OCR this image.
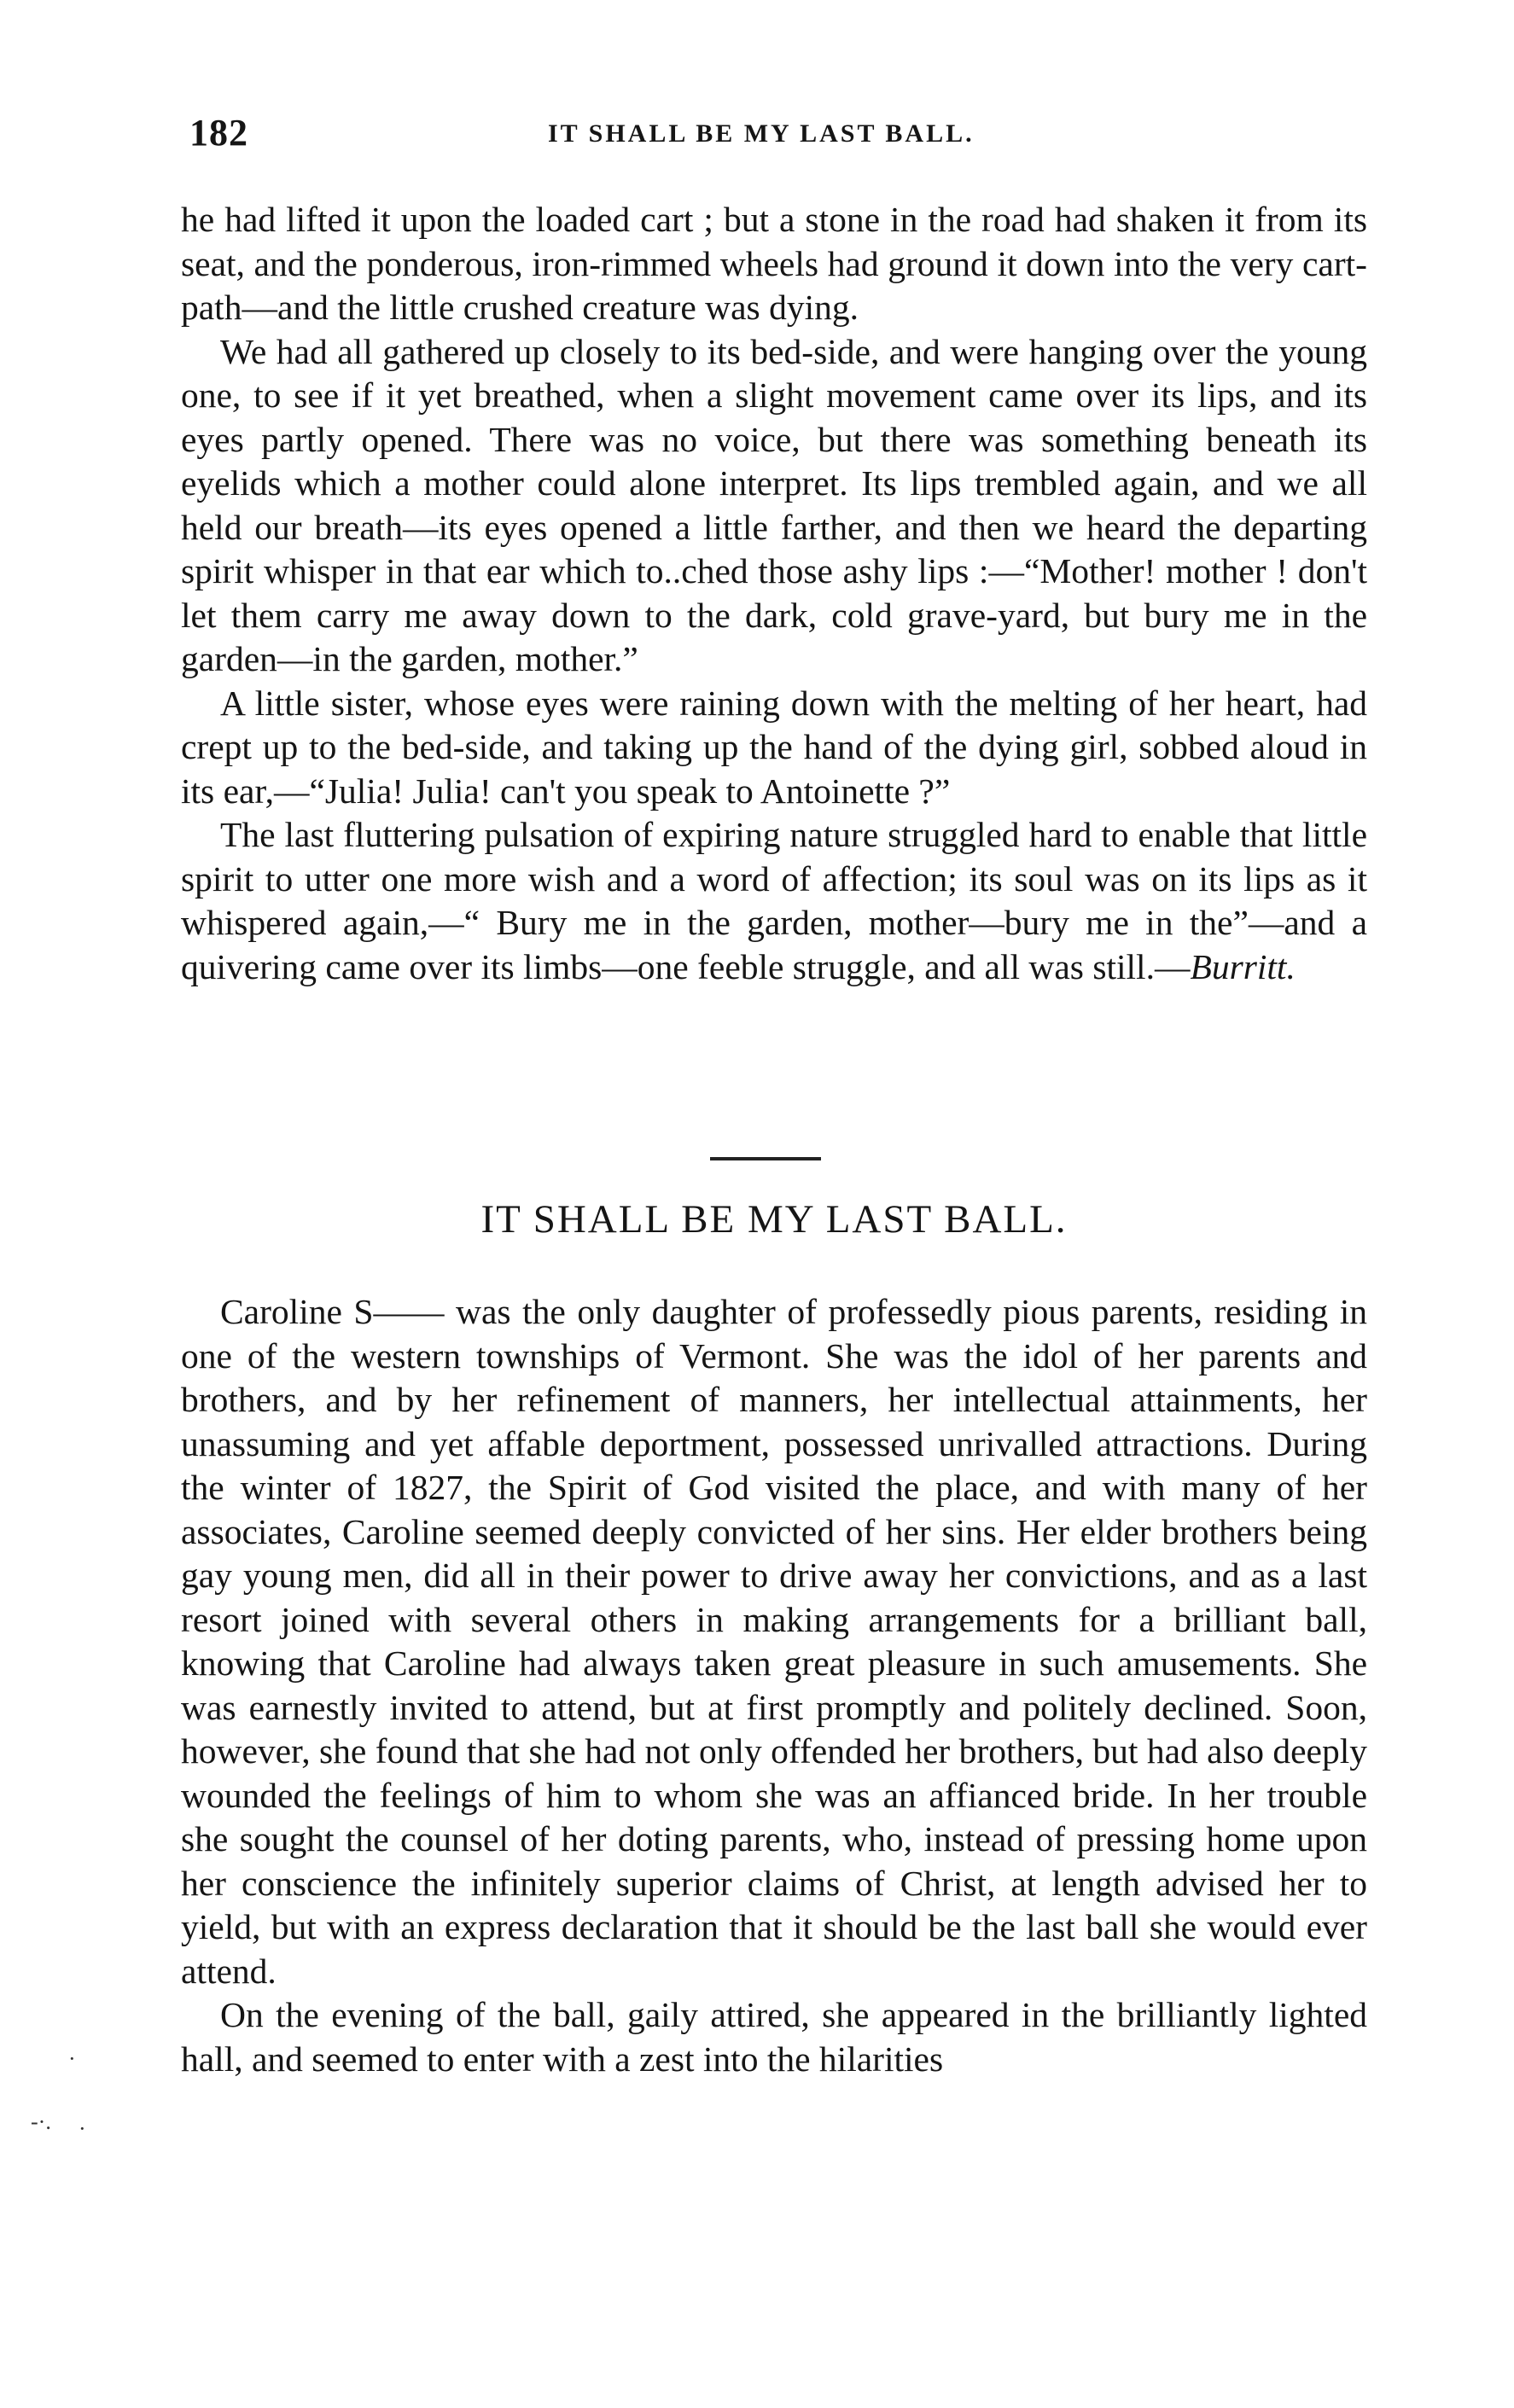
182	IT SHALL BE MY LAST BALL.

he had lifted it upon the loaded cart ; but a stone in the road had shaken it from its seat, and the ponderous, iron-rimmed wheels had ground it down into the very cart-path—and the little crushed creature was dying.

We had all gathered up closely to its bed-side, and were hanging over the young one, to see if it yet breathed, when a slight movement came over its lips, and its eyes partly opened. There was no voice, but there was something beneath its eyelids which a mother could alone interpret. Its lips trembled again, and we all held our breath—its eyes opened a little farther, and then we heard the departing spirit whisper in that ear which to..ched those ashy lips :—“Mother! mother ! don't let them carry me away down to the dark, cold grave-yard, but bury me in the garden—in the garden, mother.”

A little sister, whose eyes were raining down with the melting of her heart, had crept up to the bed-side, and taking up the hand of the dying girl, sobbed aloud in its ear,—“Julia! Julia! can't you speak to Antoinette ?”

The last fluttering pulsation of expiring nature struggled hard to enable that little spirit to utter one more wish and a word of affection; its soul was on its lips as it whispered again,—“ Bury me in the garden, mother—bury me in the”—and a quivering came over its limbs—one feeble struggle, and all was still.—Burritt.

IT SHALL BE MY LAST BALL.

Caroline S—— was the only daughter of professedly pious parents, residing in one of the western townships of Vermont. She was the idol of her parents and brothers, and by her refinement of manners, her intellectual attainments, her unassuming and yet affable deportment, possessed unrivalled attractions. During the winter of 1827, the Spirit of God visited the place, and with many of her associates, Caroline seemed deeply convicted of her sins. Her elder brothers being gay young men, did all in their power to drive away her convictions, and as a last resort joined with several others in making arrangements for a brilliant ball, knowing that Caroline had always taken great pleasure in such amusements. She was earnestly invited to attend, but at first promptly and politely declined. Soon, however, she found that she had not only offended her brothers, but had also deeply wounded the feelings of him to whom she was an affianced bride. In her trouble she sought the counsel of her doting parents, who, instead of pressing home upon her conscience the infinitely superior claims of Christ, at length advised her to yield, but with an express declaration that it should be the last ball she would ever attend.

On the evening of the ball, gaily attired, she appeared in the brilliantly lighted hall, and seemed to enter with a zest into the hilarities

·
-·. ·
